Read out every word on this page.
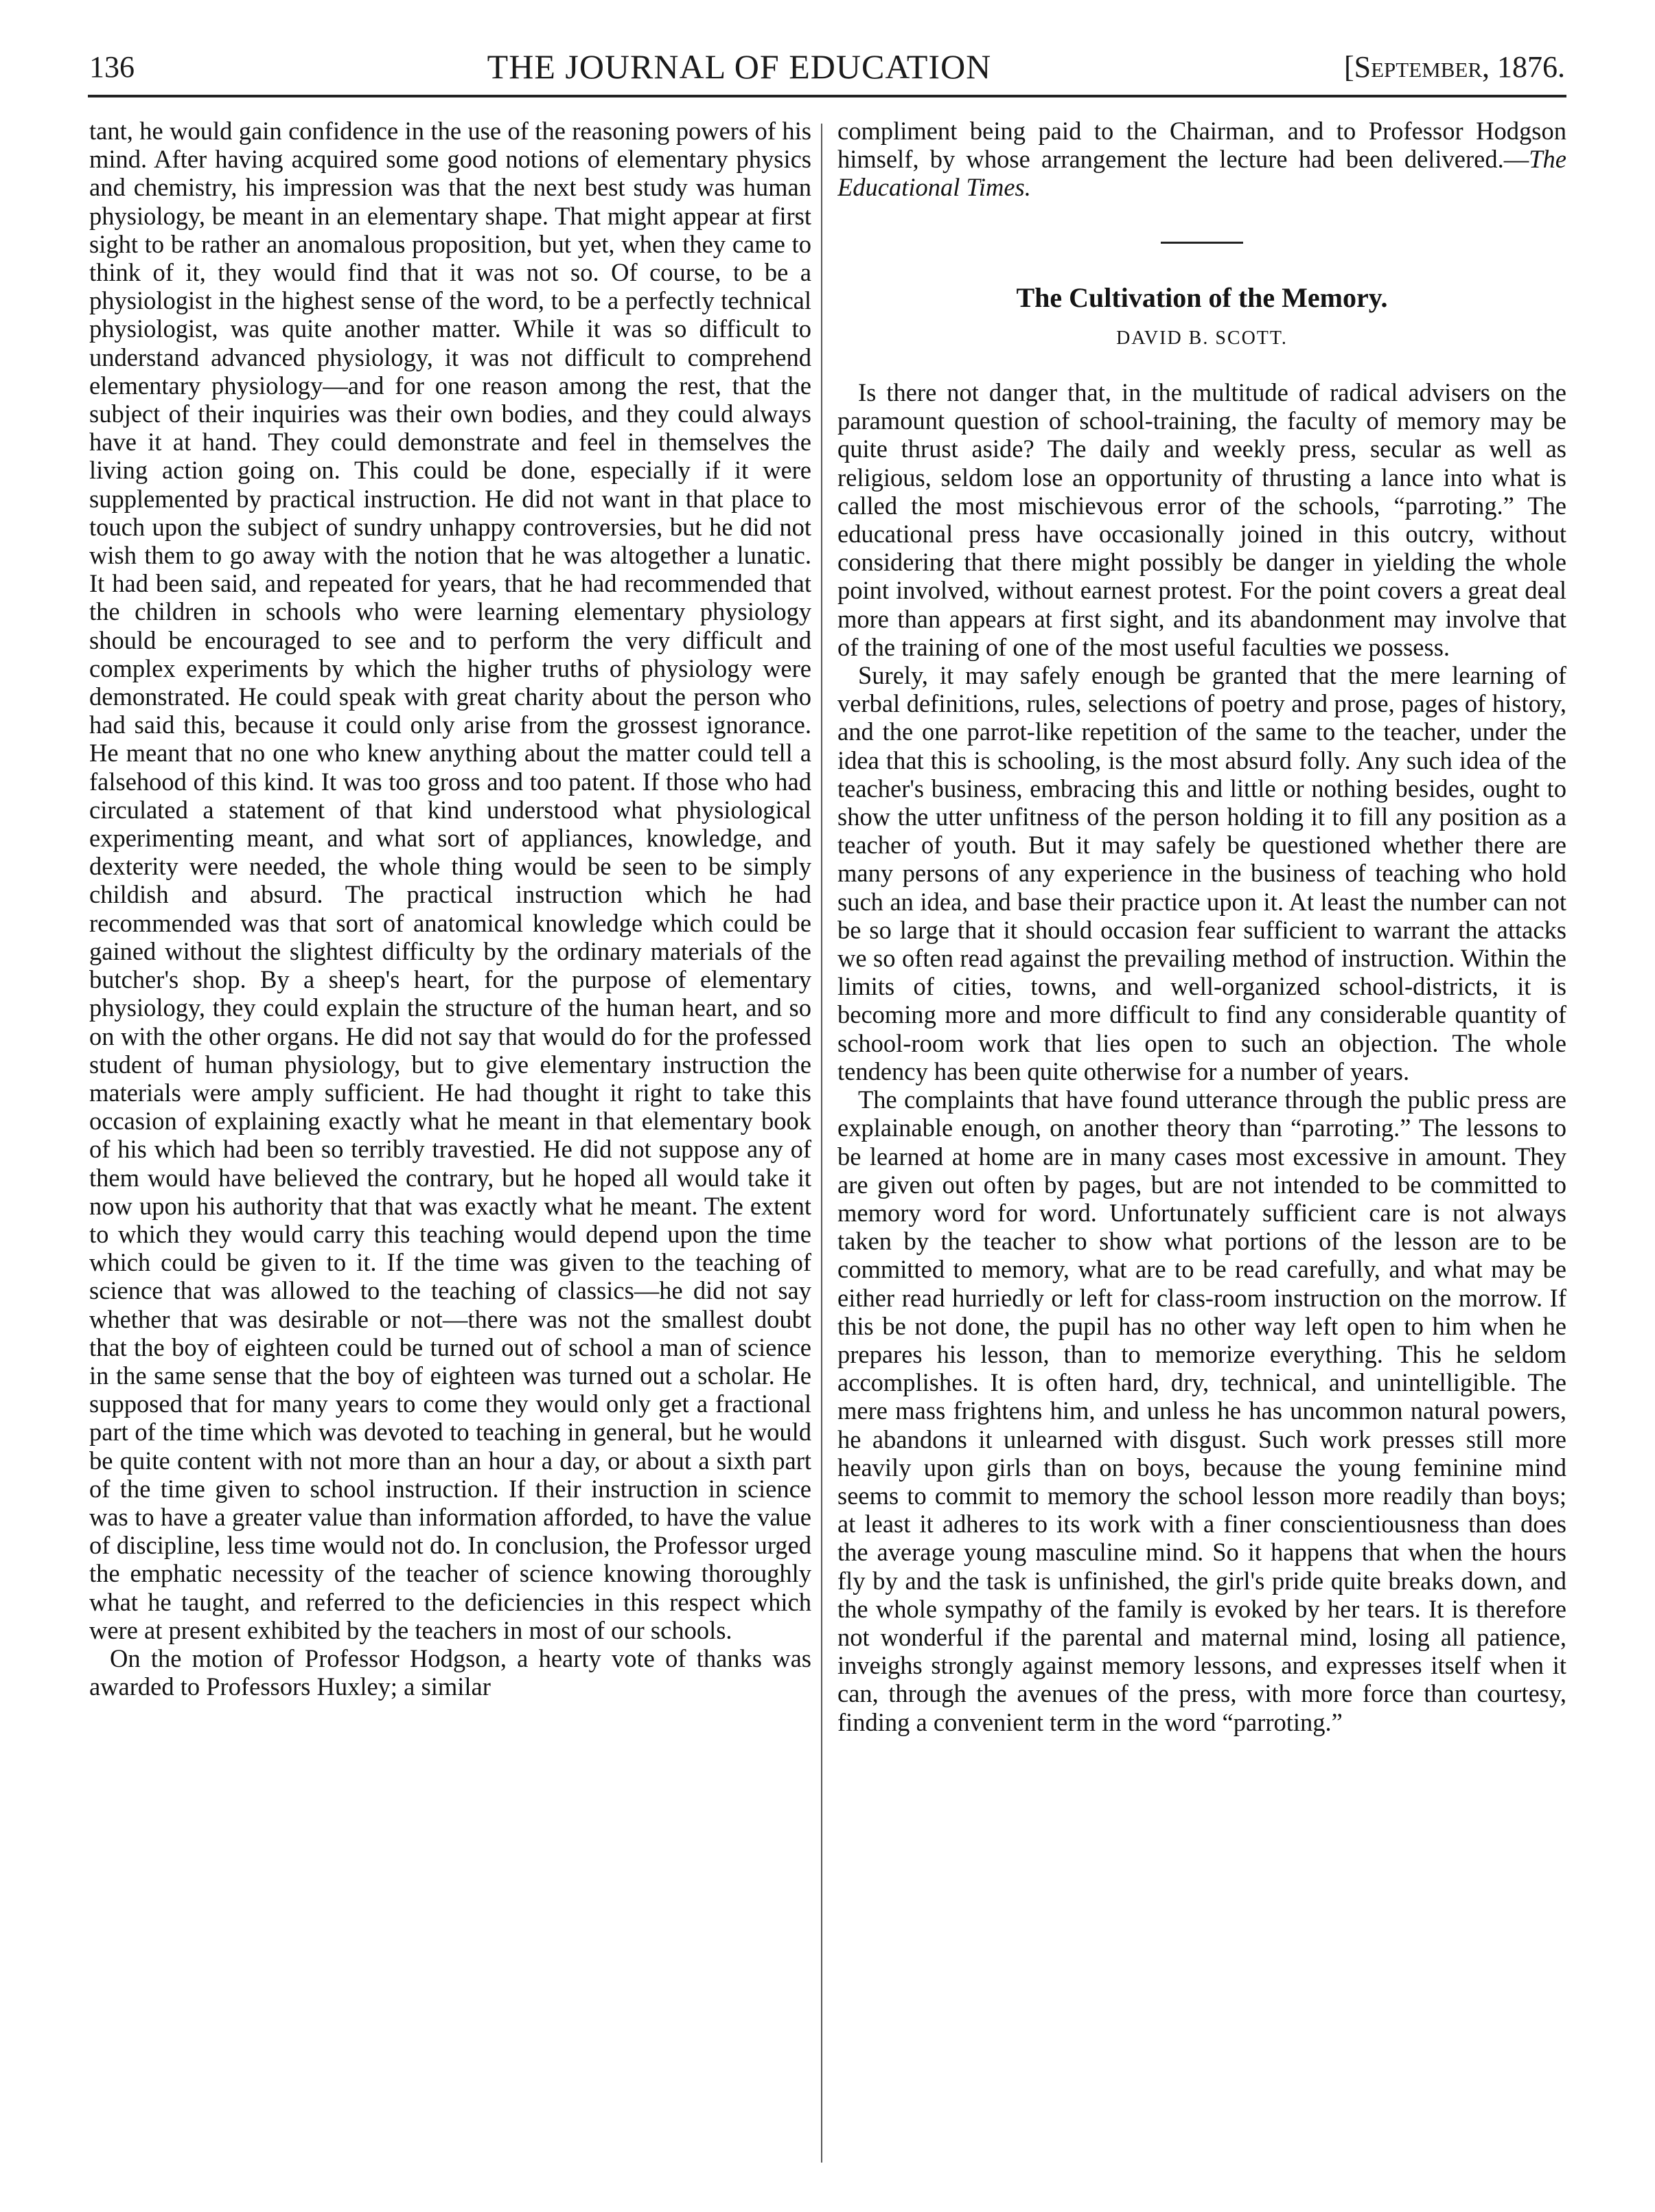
136	THE JOURNAL OF EDUCATION	[September, 1876.

tant, he would gain confidence in the use of the reasoning powers of his mind. After having acquired some good notions of elementary physics and chemistry, his impression was that the next best study was human physiology, be meant in an elementary shape. That might appear at first sight to be rather an anomalous proposition, but yet, when they came to think of it, they would find that it was not so. Of course, to be a physiologist in the highest sense of the word, to be a perfectly technical physiologist, was quite another matter. While it was so difficult to understand advanced physiology, it was not difficult to comprehend elementary physiology—and for one reason among the rest, that the subject of their inquiries was their own bodies, and they could always have it at hand. They could demonstrate and feel in themselves the living action going on. This could be done, especially if it were supplemented by practical instruction. He did not want in that place to touch upon the subject of sundry unhappy controversies, but he did not wish them to go away with the notion that he was altogether a lunatic. It had been said, and repeated for years, that he had recommended that the children in schools who were learning elementary physiology should be encouraged to see and to perform the very difficult and complex experiments by which the higher truths of physiology were demonstrated. He could speak with great charity about the person who had said this, because it could only arise from the grossest ignorance. He meant that no one who knew anything about the matter could tell a falsehood of this kind. It was too gross and too patent. If those who had circulated a statement of that kind understood what physiological experimenting meant, and what sort of appliances, knowledge, and dexterity were needed, the whole thing would be seen to be simply childish and absurd. The practical instruction which he had recommended was that sort of anatomical knowledge which could be gained without the slightest difficulty by the ordinary materials of the butcher's shop. By a sheep's heart, for the purpose of elementary physiology, they could explain the structure of the human heart, and so on with the other organs. He did not say that would do for the professed student of human physiology, but to give elementary instruction the materials were amply sufficient. He had thought it right to take this occasion of explaining exactly what he meant in that elementary book of his which had been so terribly travestied. He did not suppose any of them would have believed the contrary, but he hoped all would take it now upon his authority that that was exactly what he meant. The extent to which they would carry this teaching would depend upon the time which could be given to it. If the time was given to the teaching of science that was allowed to the teaching of classics—he did not say whether that was desirable or not—there was not the smallest doubt that the boy of eighteen could be turned out of school a man of science in the same sense that the boy of eighteen was turned out a scholar. He supposed that for many years to come they would only get a fractional part of the time which was devoted to teaching in general, but he would be quite content with not more than an hour a day, or about a sixth part of the time given to school instruction. If their instruction in science was to have a greater value than information afforded, to have the value of discipline, less time would not do. In conclusion, the Professor urged the emphatic necessity of the teacher of science knowing thoroughly what he taught, and referred to the deficiencies in this respect which were at present exhibited by the teachers in most of our schools.

On the motion of Professor Hodgson, a hearty vote of thanks was awarded to Professors Huxley; a similar

compliment being paid to the Chairman, and to Professor Hodgson himself, by whose arrangement the lecture had been delivered.—The Educational Times.

The Cultivation of the Memory.
DAVID B. SCOTT.

Is there not danger that, in the multitude of radical advisers on the paramount question of school-training, the faculty of memory may be quite thrust aside? The daily and weekly press, secular as well as religious, seldom lose an opportunity of thrusting a lance into what is called the most mischievous error of the schools, “parroting.” The educational press have occasionally joined in this outcry, without considering that there might possibly be danger in yielding the whole point involved, without earnest protest. For the point covers a great deal more than appears at first sight, and its abandonment may involve that of the training of one of the most useful faculties we possess.

Surely, it may safely enough be granted that the mere learning of verbal definitions, rules, selections of poetry and prose, pages of history, and the one parrot-like repetition of the same to the teacher, under the idea that this is schooling, is the most absurd folly. Any such idea of the teacher's business, embracing this and little or nothing besides, ought to show the utter unfitness of the person holding it to fill any position as a teacher of youth. But it may safely be questioned whether there are many persons of any experience in the business of teaching who hold such an idea, and base their practice upon it. At least the number can not be so large that it should occasion fear sufficient to warrant the attacks we so often read against the prevailing method of instruction. Within the limits of cities, towns, and well-organized school-districts, it is becoming more and more difficult to find any considerable quantity of school-room work that lies open to such an objection. The whole tendency has been quite otherwise for a number of years.

The complaints that have found utterance through the public press are explainable enough, on another theory than “parroting.” The lessons to be learned at home are in many cases most excessive in amount. They are given out often by pages, but are not intended to be committed to memory word for word. Unfortunately sufficient care is not always taken by the teacher to show what portions of the lesson are to be committed to memory, what are to be read carefully, and what may be either read hurriedly or left for class-room instruction on the morrow. If this be not done, the pupil has no other way left open to him when he prepares his lesson, than to memorize everything. This he seldom accomplishes. It is often hard, dry, technical, and unintelligible. The mere mass frightens him, and unless he has uncommon natural powers, he abandons it unlearned with disgust. Such work presses still more heavily upon girls than on boys, because the young feminine mind seems to commit to memory the school lesson more readily than boys; at least it adheres to its work with a finer conscientiousness than does the average young masculine mind. So it happens that when the hours fly by and the task is unfinished, the girl's pride quite breaks down, and the whole sympathy of the family is evoked by her tears. It is therefore not wonderful if the parental and maternal mind, losing all patience, inveighs strongly against memory lessons, and expresses itself when it can, through the avenues of the press, with more force than courtesy, finding a convenient term in the word “parroting.”
